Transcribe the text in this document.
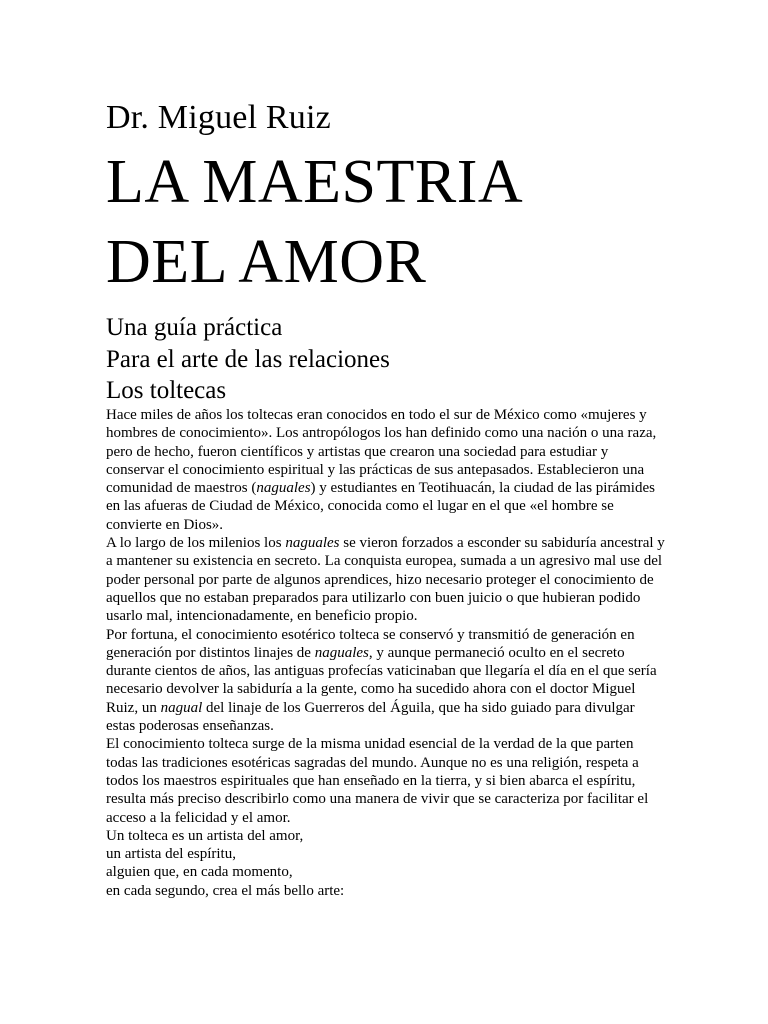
Dr. Miguel Ruiz
LA MAESTRIA
DEL AMOR
Una guía práctica
Para el arte de las relaciones
Los toltecas

Hace miles de años los toltecas eran conocidos en todo el sur de México como «mujeres y hombres de conocimiento». Los antropólogos los han definido como una nación o una raza, pero de hecho, fueron científicos y artistas que crearon una sociedad para estudiar y conservar el conocimiento espiritual y las prácticas de sus antepasados. Establecieron una comunidad de maestros (naguales) y estudiantes en Teotihuacán, la ciudad de las pirámides en las afueras de Ciudad de México, conocida como el lugar en el que «el hombre se convierte en Dios».

A lo largo de los milenios los naguales se vieron forzados a esconder su sabiduría ancestral y a mantener su existencia en secreto. La conquista europea, sumada a un agresivo mal use del poder personal por parte de algunos aprendices, hizo necesario proteger el conocimiento de aquellos que no estaban preparados para utilizarlo con buen juicio o que hubieran podido usarlo mal, intencionadamente, en beneficio propio.

Por fortuna, el conocimiento esotérico tolteca se conservó y transmitió de generación en generación por distintos linajes de naguales, y aunque permaneció oculto en el secreto durante cientos de años, las antiguas profecías vaticinaban que llegaría el día en el que sería necesario devolver la sabiduría a la gente, como ha sucedido ahora con el doctor Miguel Ruiz, un nagual del linaje de los Guerreros del Águila, que ha sido guiado para divulgar estas poderosas enseñanzas.

El conocimiento tolteca surge de la misma unidad esencial de la verdad de la que parten todas las tradiciones esotéricas sagradas del mundo. Aunque no es una religión, respeta a todos los maestros espirituales que han enseñado en la tierra, y si bien abarca el espíritu, resulta más preciso describirlo como una manera de vivir que se caracteriza por facilitar el acceso a la felicidad y el amor.

Un tolteca es un artista del amor,

un artista del espíritu,

alguien que, en cada momento,

en cada segundo, crea el más bello arte:
